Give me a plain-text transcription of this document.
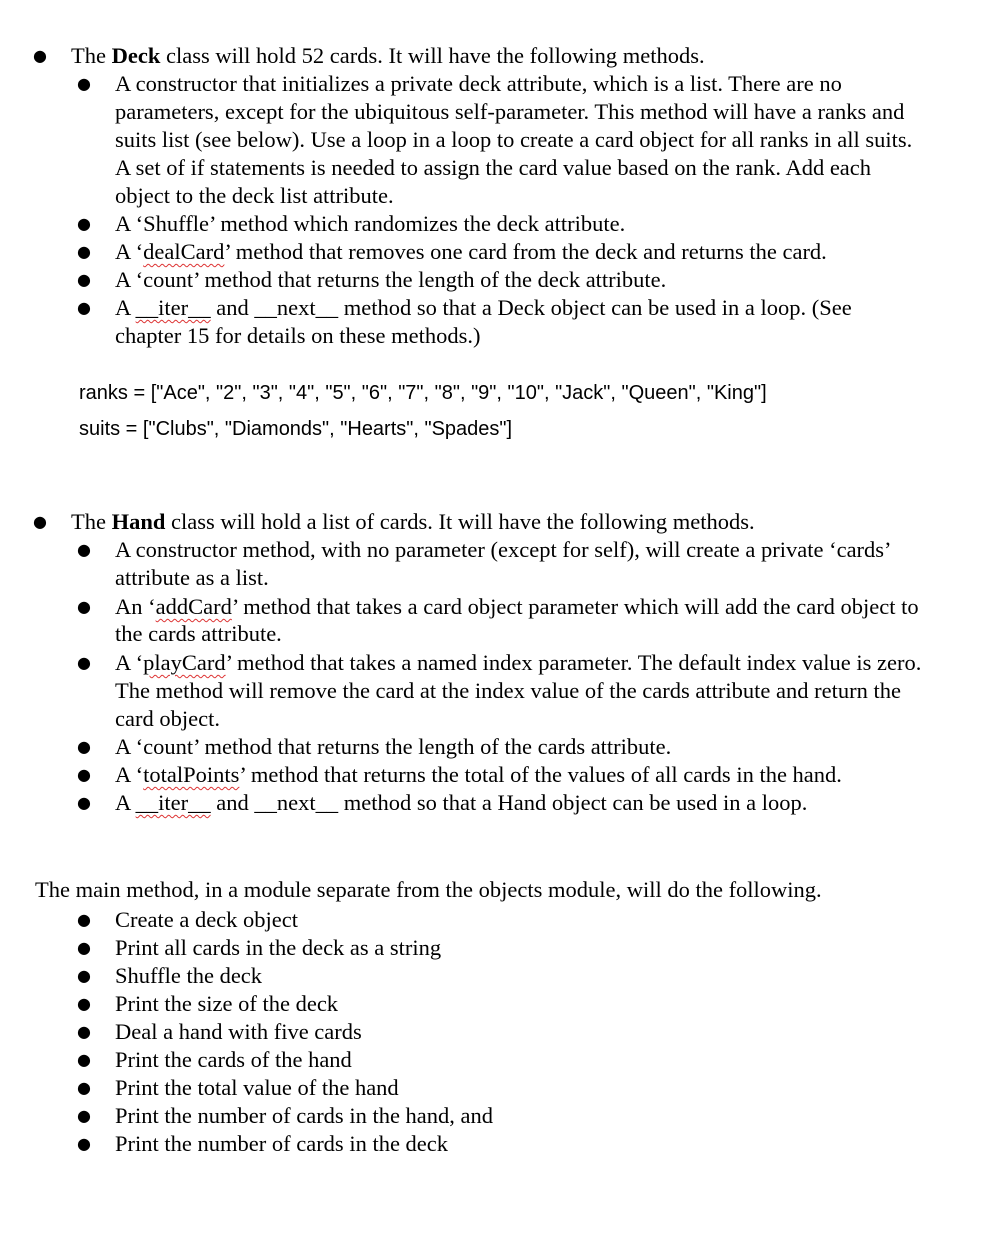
● The Deck class will hold 52 cards. It will have the following methods.
● A constructor that initializes a private deck attribute, which is a list. There are no
parameters, except for the ubiquitous self-parameter. This method will have a ranks and
suits list (see below). Use a loop in a loop to create a card object for all ranks in all suits.
A set of if statements is needed to assign the card value based on the rank. Add each
object to the deck list attribute.
● A ‘Shuffle’ method which randomizes the deck attribute.
● A ‘dealCard’ method that removes one card from the deck and returns the card.
● A ‘count’ method that returns the length of the deck attribute.
● A __iter__ and __next__ method so that a Deck object can be used in a loop. (See
chapter 15 for details on these methods.)
ranks = ["Ace", "2", "3", "4", "5", "6", "7", "8", "9", "10", "Jack", "Queen", "King"]
suits = ["Clubs", "Diamonds", "Hearts", "Spades"]
● The Hand class will hold a list of cards. It will have the following methods.
● A constructor method, with no parameter (except for self), will create a private ‘cards’
attribute as a list.
● An ‘addCard’ method that takes a card object parameter which will add the card object to
the cards attribute.
● A ‘playCard’ method that takes a named index parameter. The default index value is zero.
The method will remove the card at the index value of the cards attribute and return the
card object.
● A ‘count’ method that returns the length of the cards attribute.
● A ‘totalPoints’ method that returns the total of the values of all cards in the hand.
● A __iter__ and __next__ method so that a Hand object can be used in a loop.
The main method, in a module separate from the objects module, will do the following.
● Create a deck object
● Print all cards in the deck as a string
● Shuffle the deck
● Print the size of the deck
● Deal a hand with five cards
● Print the cards of the hand
● Print the total value of the hand
● Print the number of cards in the hand, and
● Print the number of cards in the deck
